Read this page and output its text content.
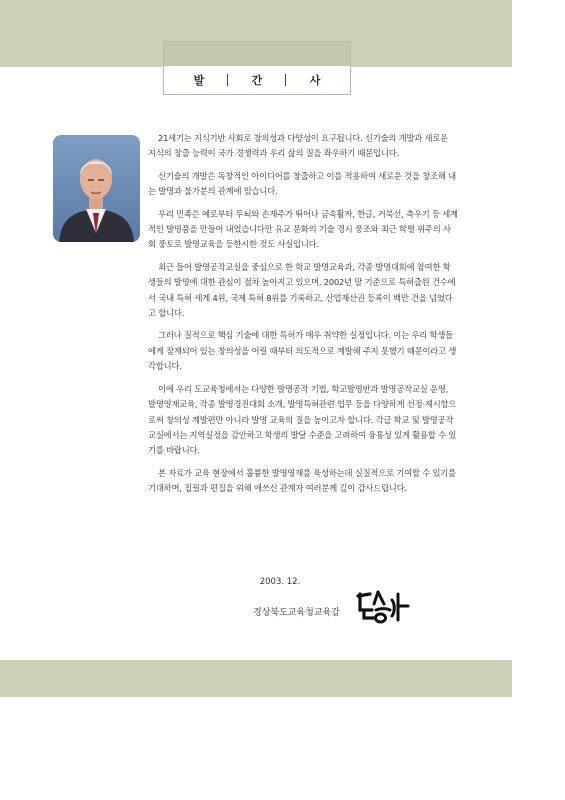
발	간	사

21세기는 지식기반 사회로 창의성과 다양성이 요구됩니다. 신기술의 개발과 새로운 지식의 창출 능력이 국가 경쟁력과 우리 삶의 질을 좌우하기 때문입니다.

신기술의 개발은 독창적인 아이디어를 창출하고 이를 적용하여 새로운 것을 창조해 내는 발명과 불가분의 관계에 있습니다.

우리 민족은 예로부터 두뇌와 손재주가 뛰어나 금속활자, 한글, 거북선, 측우기 등 세계적인 발명품을 만들어 내었습니다만 유교 문화의 기술 경시 풍조와 최근 학벌 위주의 사회 풍토로 발명교육을 등한시한 것도 사실입니다.

최근 들어 발명공작교실을 중심으로 한 학교 발명교육과, 각종 발명대회에 참여한 학생들의 발명에 대한 관심이 점차 높아지고 있으며, 2002년 말 기준으로 특허출원 건수에서 국내 특허 세계 4위, 국제 특허 8위를 기록하고, 산업재산권 등록이 백만 건을 넘었다고 합니다.

그러나 질적으로 핵심 기술에 대한 특허가 매우 취약한 실정입니다. 이는 우리 학생들에게 잠재되어 있는 창의성을 어릴 때부터 의도적으로 계발해 주지 못했기 때문이라고 생각합니다.

이에 우리 도교육청에서는 다양한 발명공작 기법, 학교발명반과 발명공작교실 운영, 발명영재교육, 각종 발명경진대회 소개, 발명특허관련 업무 등을 다양하게 선정·제시함으로써 창의성 계발편만 아니라 발명 교육의 질을 높이고자 합니다. 각급 학교 및 발명공작교실에서는 지역실정을 감안하고 학생의 발달 수준을 고려하여 융통성 있게 활용할 수 있기를 바랍니다.

본 자료가 교육 현장에서 훌륭한 발명영재를 육성하는데 실질적으로 기여할 수 있기를 기대하며, 집필과 편집을 위해 애쓰신 관계자 여러분께 깊이 감사드립니다.

2003. 12.
경상북도교육청교육감
